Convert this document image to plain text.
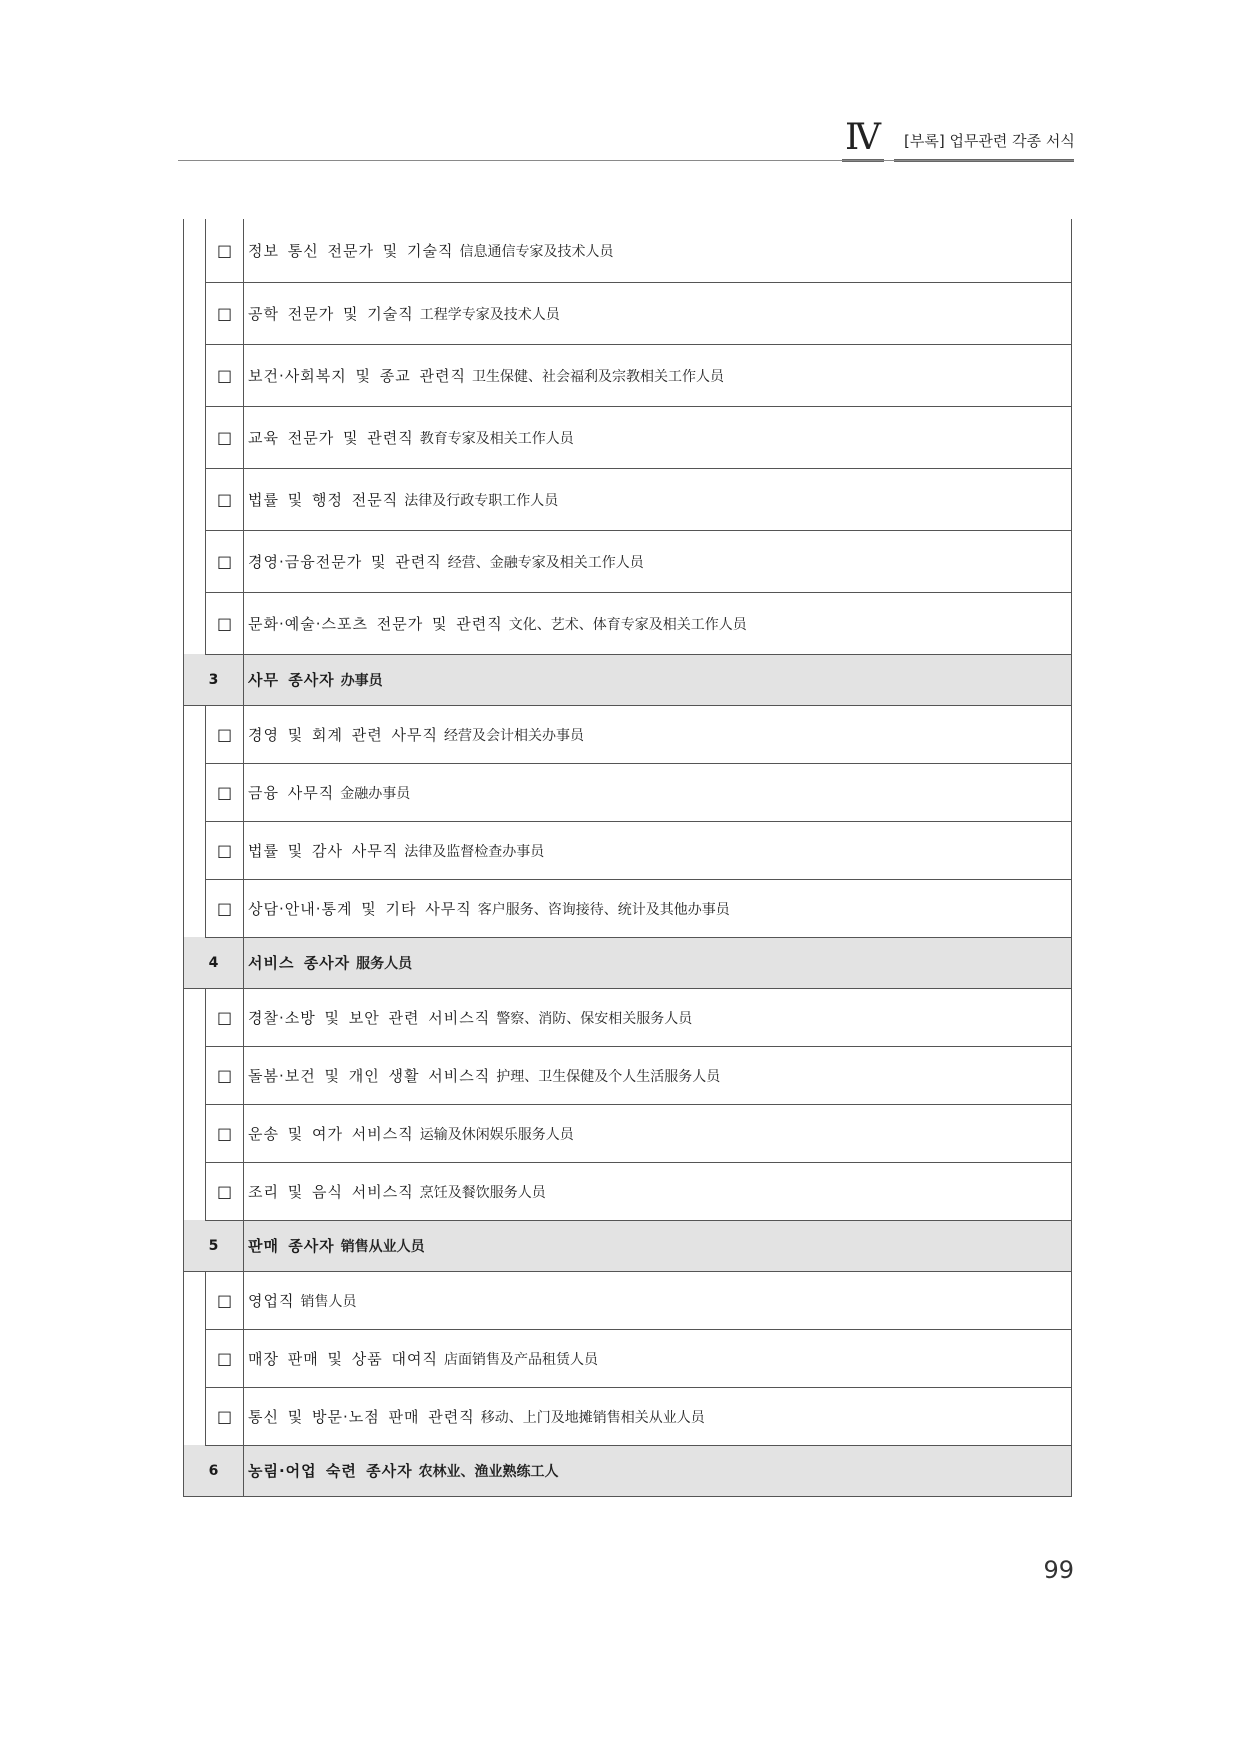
Ⅳ [부록] 업무관련 각종 서식
	□	정보 통신 전문가 및 기술직 信息通信专家及技术人员
	□	공학 전문가 및 기술직 工程学专家及技术人员
	□	보건·사회복지 및 종교 관련직 卫生保健、社会福利及宗教相关工作人员
	□	교육 전문가 및 관련직 教育专家及相关工作人员
	□	법률 및 행정 전문직 法律及行政专职工作人员
	□	경영·금융전문가 및 관련직 经营、金融专家及相关工作人员
	□	문화·예술·스포츠 전문가 및 관련직 文化、艺术、体育专家及相关工作人员
3		사무 종사자 办事员
	□	경영 및 회계 관련 사무직 经营及会计相关办事员
	□	금융 사무직 金融办事员
	□	법률 및 감사 사무직 法律及监督检查办事员
	□	상담·안내·통계 및 기타 사무직 客户服务、咨询接待、统计及其他办事员
4		서비스 종사자 服务人员
	□	경찰·소방 및 보안 관련 서비스직 警察、消防、保安相关服务人员
	□	돌봄·보건 및 개인 생활 서비스직 护理、卫生保健及个人生活服务人员
	□	운송 및 여가 서비스직 运输及休闲娱乐服务人员
	□	조리 및 음식 서비스직 烹饪及餐饮服务人员
5		판매 종사자 销售从业人员
	□	영업직 销售人员
	□	매장 판매 및 상품 대여직 店面销售及产品租赁人员
	□	통신 및 방문·노점 판매 관련직 移动、上门及地摊销售相关从业人员
6		농림·어업 숙련 종사자 农林业、渔业熟练工人
99
